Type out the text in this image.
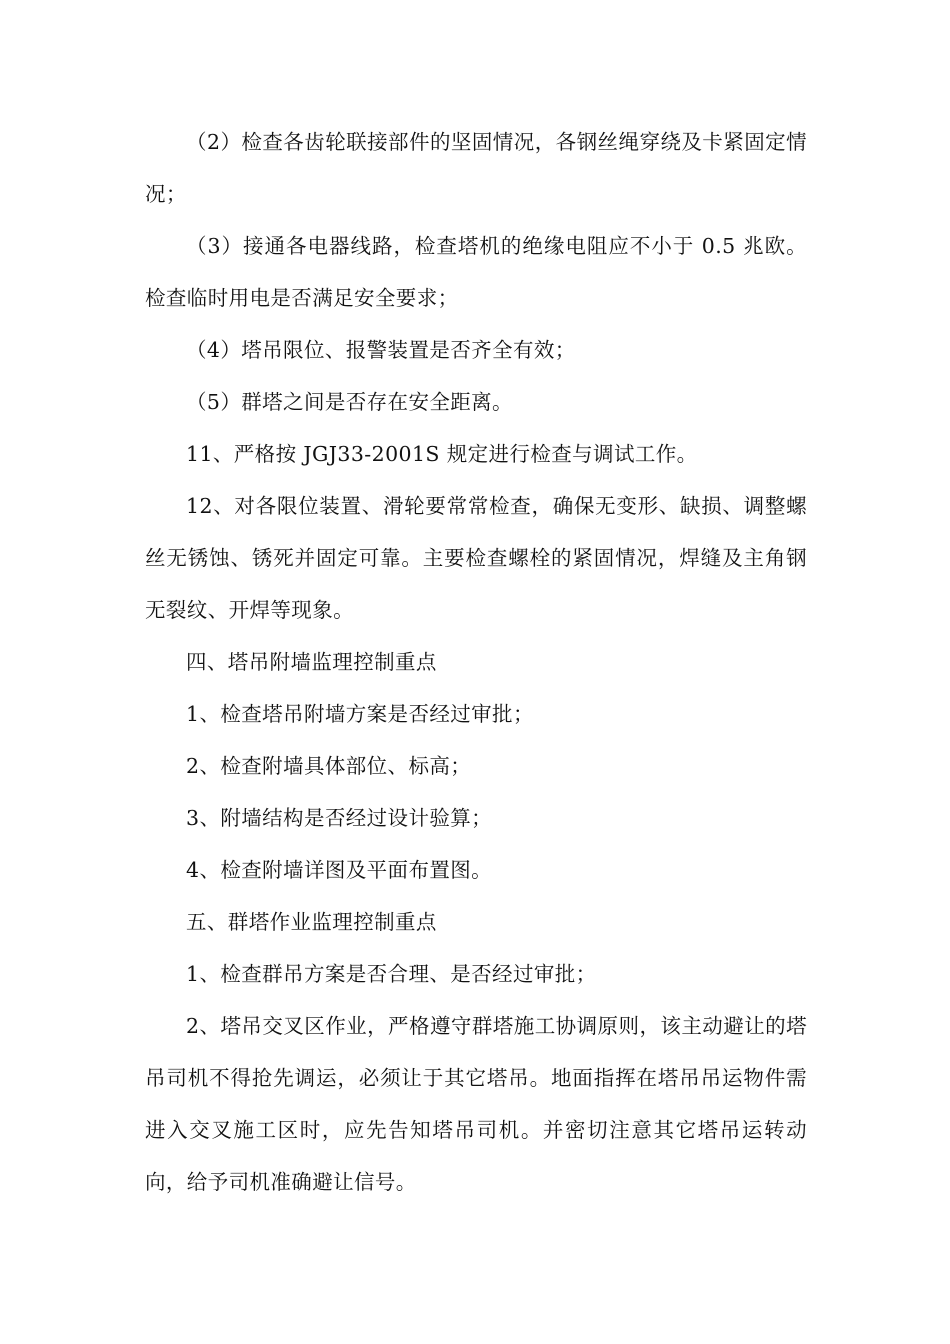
（2）检查各齿轮联接部件的坚固情况，各钢丝绳穿绕及卡紧固定情况；

（3）接通各电器线路，检查塔机的绝缘电阻应不小于 0.5 兆欧。检查临时用电是否满足安全要求；

（4）塔吊限位、报警装置是否齐全有效；

（5）群塔之间是否存在安全距离。

11、严格按 JGJ33-2001S 规定进行检查与调试工作。

12、对各限位装置、滑轮要常常检查，确保无变形、缺损、调整螺丝无锈蚀、锈死并固定可靠。主要检查螺栓的紧固情况，焊缝及主角钢无裂纹、开焊等现象。

四、塔吊附墙监理控制重点

1、检查塔吊附墙方案是否经过审批；

2、检查附墙具体部位、标高；

3、附墙结构是否经过设计验算；

4、检查附墙详图及平面布置图。

五、群塔作业监理控制重点

1、检查群吊方案是否合理、是否经过审批；

2、塔吊交叉区作业，严格遵守群塔施工协调原则，该主动避让的塔吊司机不得抢先调运，必须让于其它塔吊。地面指挥在塔吊吊运物件需进入交叉施工区时，应先告知塔吊司机。并密切注意其它塔吊运转动向，给予司机准确避让信号。
